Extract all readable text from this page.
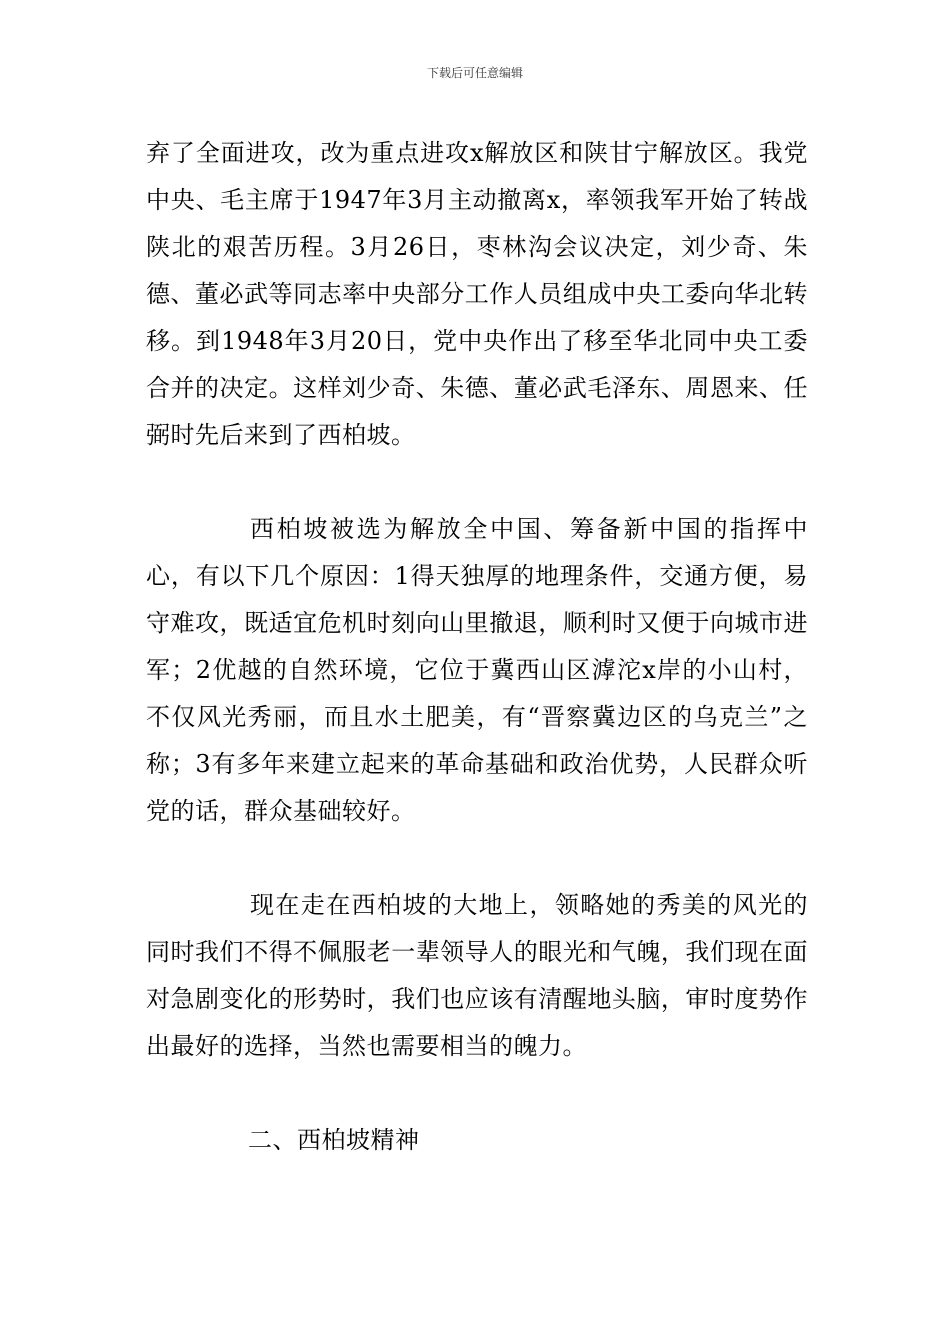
下载后可任意编辑

弃了全面进攻，改为重点进攻x解放区和陕甘宁解放区。我党中央、毛主席于1947年3月主动撤离x，率领我军开始了转战陕北的艰苦历程。3月26日，枣林沟会议决定，刘少奇、朱德、董必武等同志率中央部分工作人员组成中央工委向华北转移。到1948年3月20日，党中央作出了移至华北同中央工委合并的决定。这样刘少奇、朱德、董必武毛泽东、周恩来、任弼时先后来到了西柏坡。

西柏坡被选为解放全中国、筹备新中国的指挥中心，有以下几个原因：1得天独厚的地理条件，交通方便，易守难攻，既适宜危机时刻向山里撤退，顺利时又便于向城市进军；2优越的自然环境，它位于冀西山区滹沱x岸的小山村，不仅风光秀丽，而且水土肥美，有“晋察冀边区的乌克兰”之称；3有多年来建立起来的革命基础和政治优势，人民群众听党的话，群众基础较好。

现在走在西柏坡的大地上，领略她的秀美的风光的同时我们不得不佩服老一辈领导人的眼光和气魄，我们现在面对急剧变化的形势时，我们也应该有清醒地头脑，审时度势作出最好的选择，当然也需要相当的魄力。

二、西柏坡精神
